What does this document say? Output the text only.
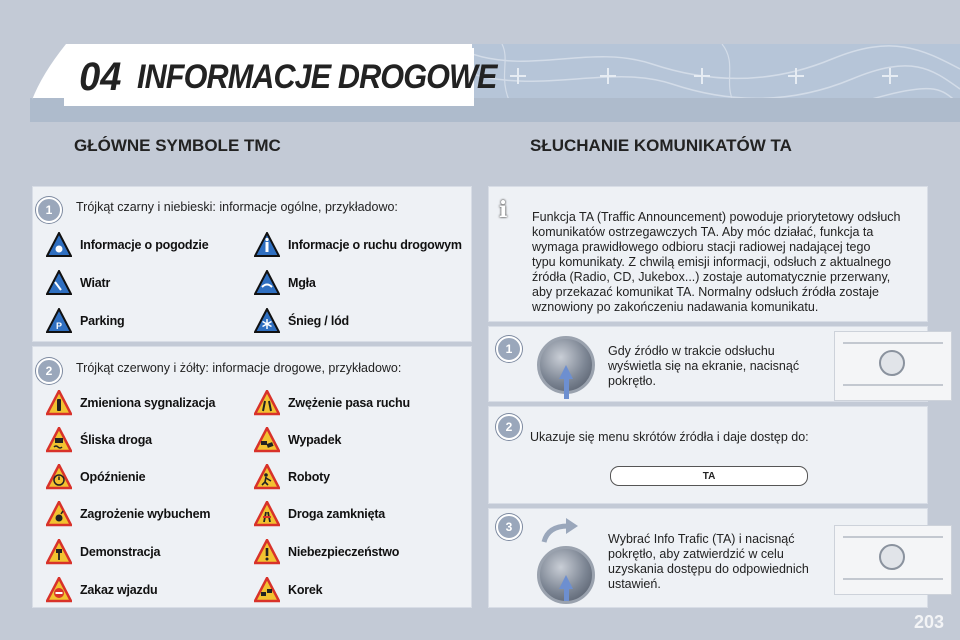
04 INFORMACJE DROGOWE
GŁÓWNE SYMBOLE TMC	SŁUCHANIE KOMUNIKATÓW TA
1	Trójkąt czarny i niebieski: informacje ogólne, przykładowo:
Informacje o pogodzie	Informacje o ruchu drogowym
Wiatr	Mgła
P Parking	Śnieg / lód
2	Trójkąt czerwony i żółty: informacje drogowe, przykładowo:
Zmieniona sygnalizacja	Zwężenie pasa ruchu
Śliska droga	Wypadek
Opóźnienie	Roboty
Zagrożenie wybuchem	Droga zamknięta
Demonstracja	Niebezpieczeństwo
Zakaz wjazdu	Korek
i	Funkcja TA (Traffic Announcement) powoduje priorytetowy odsłuch
komunikatów ostrzegawczych TA. Aby móc działać, funkcja ta
wymaga prawidłowego odbioru stacji radiowej nadającej tego
typu komunikaty. Z chwilą emisji informacji, odsłuch z aktualnego
źródła (Radio, CD, Jukebox...) zostaje automatycznie przerwany,
aby przekazać komunikat TA. Normalny odsłuch źródła zostaje
wznowiony po zakończeniu nadawania komunikatu.
1	Gdy źródło w trakcie odsłuchu
wyświetla się na ekranie, nacisnąć
pokrętło.
2
Ukazuje się menu skrótów źródła i daje dostęp do:
TA
3
Wybrać Info Trafic (TA) i nacisnąć
pokrętło, aby zatwierdzić w celu
uzyskania dostępu do odpowiednich
ustawień.
203
